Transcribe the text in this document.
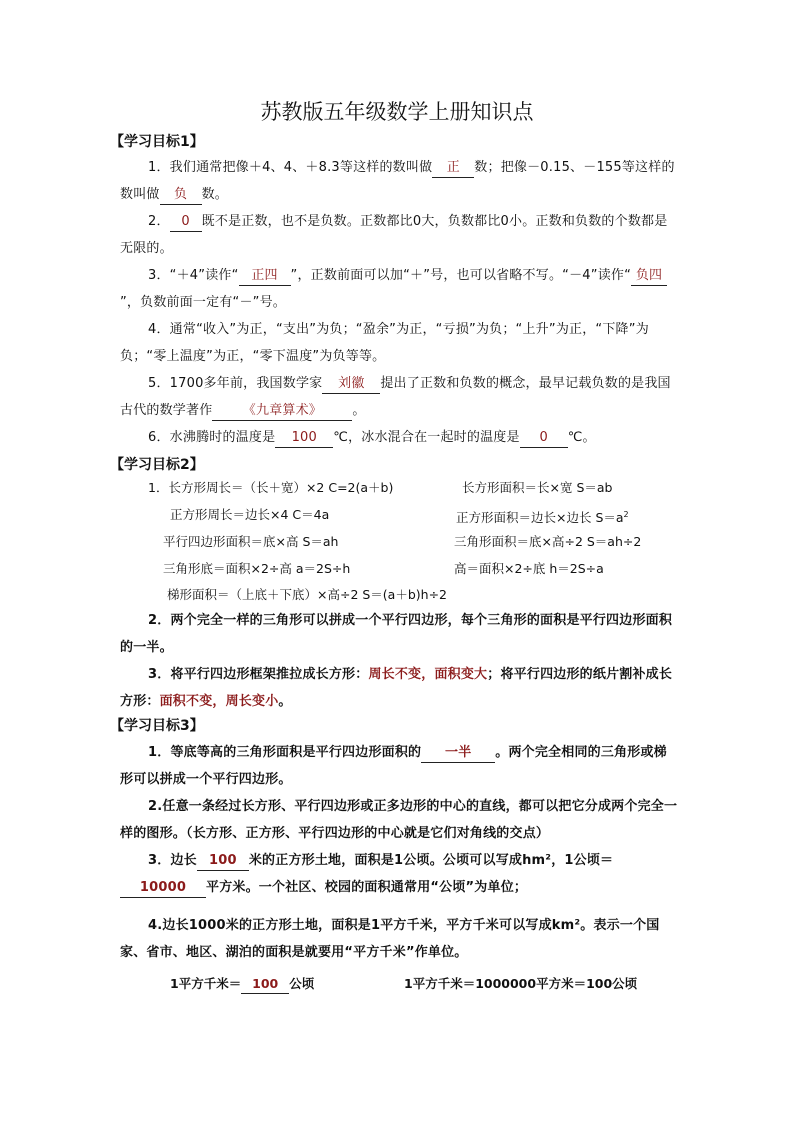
苏教版五年级数学上册知识点
【学习目标1】

1．我们通常把像＋4、4、＋8.3等这样的数叫做 正 数；把像－0.15、－155等这样的数叫做 负 数。

2． 0 既不是正数，也不是负数。正数都比0大，负数都比0小。正数和负数的个数都是无限的。

3．“＋4”读作“ 正四 ”，正数前面可以加“＋”号，也可以省略不写。“－4”读作“ 负四”，负数前面一定有“－”号。

4．通常“收入”为正，“支出”为负；“盈余”为正，“亏损”为负；“上升”为正，“下降”为负；“零上温度”为正，“零下温度”为负等等。

5．1700多年前，我国数学家 刘徽 提出了正数和负数的概念，最早记载负数的是我国古代的数学著作 《九章算术》 。

6．水沸腾时的温度是 100 ℃，冰水混合在一起时的温度是 0 ℃。

【学习目标2】
1．长方形周长＝（长＋宽）×2 C=2(a＋b)	长方形面积＝长×宽 S＝ab
正方形周长＝边长×4 C＝4a	正方形面积＝边长×边长 $S=a^2$
平行四边形面积＝底×高 S＝ah	三角形面积＝底×高÷2 S＝ah÷2
三角形底＝面积×2÷高 a＝2S÷h	高＝面积×2÷底 h＝2S÷a
梯形面积＝（上底＋下底）×高÷2 S＝(a＋b)h÷2

2．两个完全一样的三角形可以拼成一个平行四边形，每个三角形的面积是平行四边形面积的一半。

3．将平行四边形框架推拉成长方形：周长不变，面积变大；将平行四边形的纸片割补成长方形：面积不变，周长变小。

【学习目标3】

1．等底等高的三角形面积是平行四边形面积的 一半 。两个完全相同的三角形或梯形可以拼成一个平行四边形。

2.任意一条经过长方形、平行四边形或正多边形的中心的直线，都可以把它分成两个完全一样的图形。（长方形、正方形、平行四边形的中心就是它们对角线的交点）

3．边长 100 米的正方形土地，面积是1公顷。公顷可以写成hm²，1公顷＝10000 平方米。一个社区、校园的面积通常用“公顷”为单位；

4.边长1000米的正方形土地，面积是1平方千米，平方千米可以写成km²。表示一个国家、省市、地区、湖泊的面积是就要用“平方千米”作单位。

1平方千米＝ 100 公顷	1平方千米＝1000000平方米＝100公顷
